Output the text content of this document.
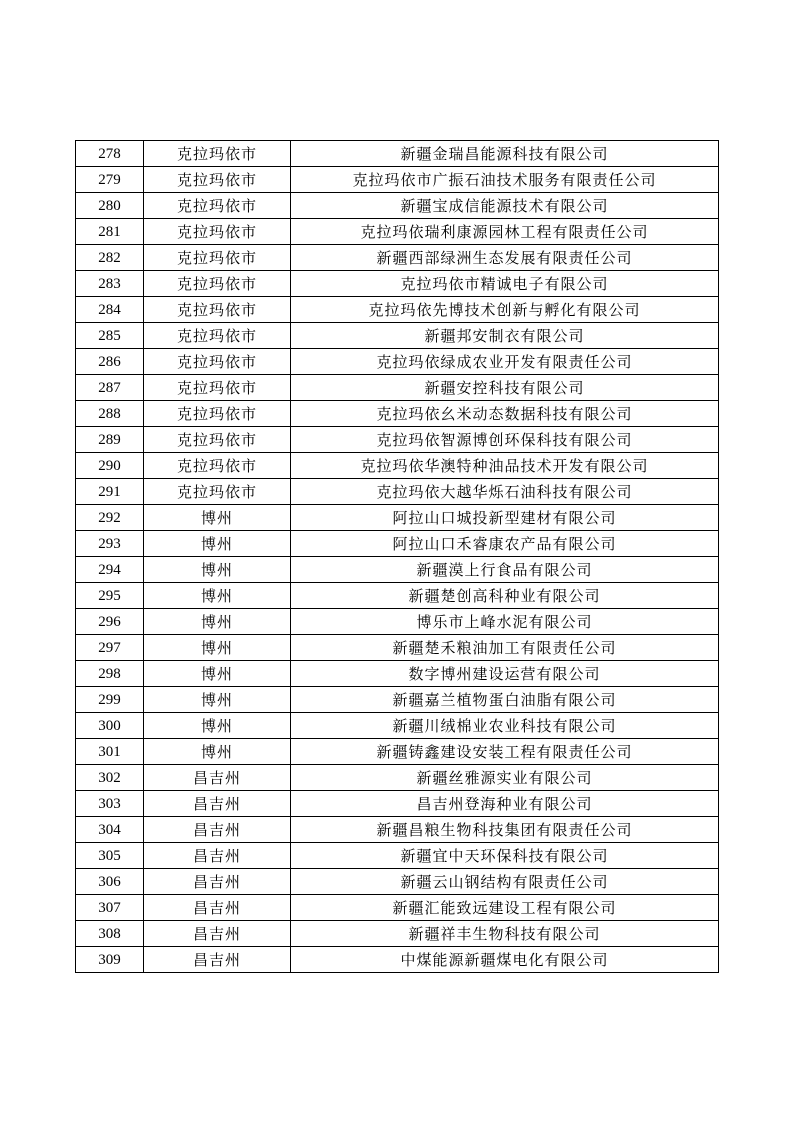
278	克拉玛依市	新疆金瑞昌能源科技有限公司
279	克拉玛依市	克拉玛依市广振石油技术服务有限责任公司
280	克拉玛依市	新疆宝成信能源技术有限公司
281	克拉玛依市	克拉玛依瑞利康源园林工程有限责任公司
282	克拉玛依市	新疆西部绿洲生态发展有限责任公司
283	克拉玛依市	克拉玛依市精诚电子有限公司
284	克拉玛依市	克拉玛依先博技术创新与孵化有限公司
285	克拉玛依市	新疆邦安制衣有限公司
286	克拉玛依市	克拉玛依绿成农业开发有限责任公司
287	克拉玛依市	新疆安控科技有限公司
288	克拉玛依市	克拉玛依幺米动态数据科技有限公司
289	克拉玛依市	克拉玛依智源博创环保科技有限公司
290	克拉玛依市	克拉玛依华澳特种油品技术开发有限公司
291	克拉玛依市	克拉玛依大越华烁石油科技有限公司
292	博州	阿拉山口城投新型建材有限公司
293	博州	阿拉山口禾睿康农产品有限公司
294	博州	新疆漠上行食品有限公司
295	博州	新疆楚创高科种业有限公司
296	博州	博乐市上峰水泥有限公司
297	博州	新疆楚禾粮油加工有限责任公司
298	博州	数字博州建设运营有限公司
299	博州	新疆嘉兰植物蛋白油脂有限公司
300	博州	新疆川绒棉业农业科技有限公司
301	博州	新疆铸鑫建设安装工程有限责任公司
302	昌吉州	新疆丝雅源实业有限公司
303	昌吉州	昌吉州登海种业有限公司
304	昌吉州	新疆昌粮生物科技集团有限责任公司
305	昌吉州	新疆宜中天环保科技有限公司
306	昌吉州	新疆云山钢结构有限责任公司
307	昌吉州	新疆汇能致远建设工程有限公司
308	昌吉州	新疆祥丰生物科技有限公司
309	昌吉州	中煤能源新疆煤电化有限公司
